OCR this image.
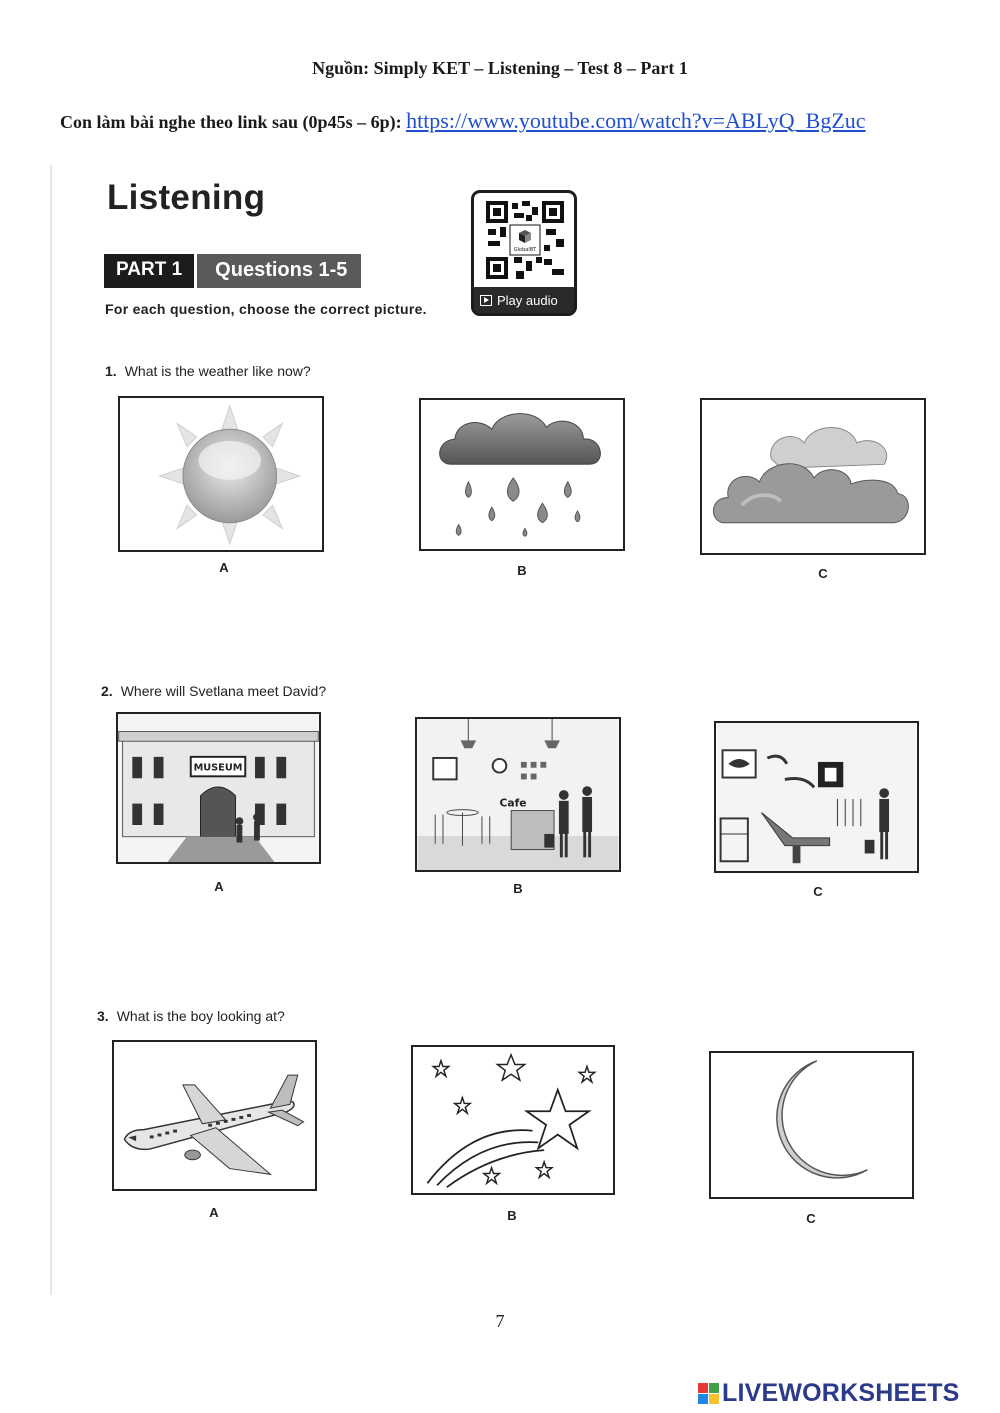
Nguồn: Simply KET – Listening – Test 8 – Part 1
Con làm bài nghe theo link sau (0p45s – 6p): https://www.youtube.com/watch?v=ABLyQ_BgZuc
Listening
PART 1	Questions 1-5
For each question, choose the correct picture.
GlobalBT
Play audio
1. What is the weather like now?
A	B	C
2. Where will Svetlana meet David?
MUSEUM
A
Cafe
B	C
3. What is the boy looking at?
A	B	C
7
LIVEWORKSHEETS
